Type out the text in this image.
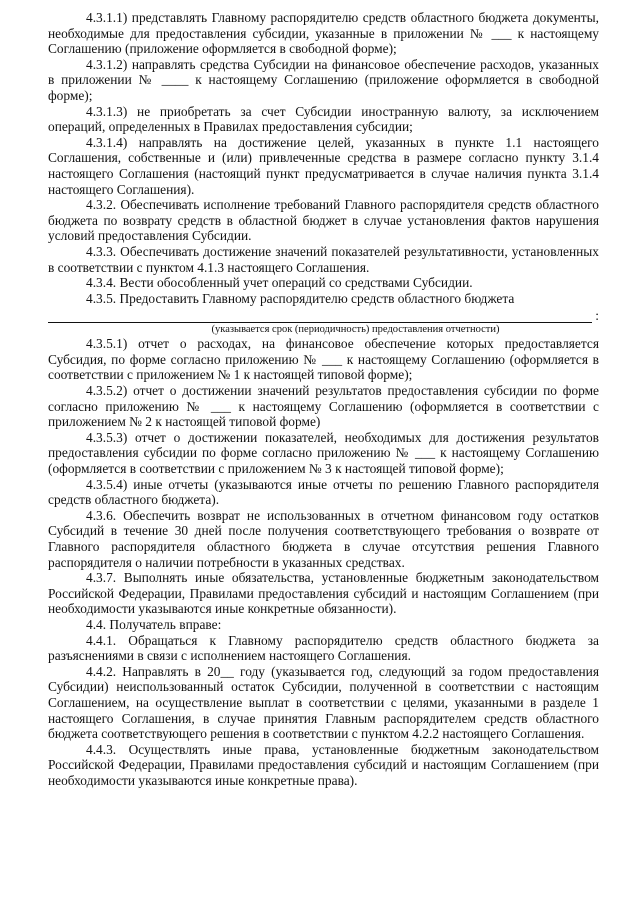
4.3.1.1) представлять Главному распорядителю средств областного бюджета документы, необходимые для предоставления субсидии, указанные в приложении № ___ к настоящему Соглашению (приложение оформляется в свободной форме);

4.3.1.2) направлять средства Субсидии на финансовое обеспечение расходов, указанных в приложении № ____ к настоящему Соглашению (приложение оформляется в свободной форме);

4.3.1.3) не приобретать за счет Субсидии иностранную валюту, за исключением операций, определенных в Правилах предоставления субсидии;

4.3.1.4) направлять на достижение целей, указанных в пункте 1.1 настоящего Соглашения, собственные и (или) привлеченные средства в размере согласно пункту 3.1.4 настоящего Соглашения (настоящий пункт предусматривается в случае наличия пункта 3.1.4 настоящего Соглашения).

4.3.2. Обеспечивать исполнение требований Главного распорядителя средств областного бюджета по возврату средств в областной бюджет в случае установления фактов нарушения условий предоставления Субсидии.

4.3.3. Обеспечивать достижение значений показателей результативности, установленных в соответствии с пунктом 4.1.3 настоящего Соглашения.

4.3.4. Вести обособленный учет операций со средствами Субсидии.

4.3.5. Предоставить Главному распорядителю средств областного бюджета

:

(указывается срок (периодичность) предоставления отчетности)

4.3.5.1) отчет о расходах, на финансовое обеспечение которых предоставляется Субсидия, по форме согласно приложению № ___ к настоящему Соглашению (оформляется в соответствии с приложением № 1 к настоящей типовой форме);

4.3.5.2) отчет о достижении значений результатов предоставления субсидии по форме согласно приложению № ___ к настоящему Соглашению (оформляется в соответствии с приложением № 2 к настоящей типовой форме)

4.3.5.3) отчет о достижении показателей, необходимых для достижения результатов предоставления субсидии по форме согласно приложению № ___ к настоящему Соглашению (оформляется в соответствии с приложением № 3 к настоящей типовой форме);

4.3.5.4) иные отчеты (указываются иные отчеты по решению Главного распорядителя средств областного бюджета).

4.3.6. Обеспечить возврат не использованных в отчетном финансовом году остатков Субсидий в течение 30 дней после получения соответствующего требования о возврате от Главного распорядителя областного бюджета в случае отсутствия решения Главного распорядителя о наличии потребности в указанных средствах.

4.3.7. Выполнять иные обязательства, установленные бюджетным законодательством Российской Федерации, Правилами предоставления субсидий и настоящим Соглашением (при необходимости указываются иные конкретные обязанности).

4.4. Получатель вправе:

4.4.1. Обращаться к Главному распорядителю средств областного бюджета за разъяснениями в связи с исполнением настоящего Соглашения.

4.4.2. Направлять в 20__ году (указывается год, следующий за годом предоставления Субсидии) неиспользованный остаток Субсидии, полученной в соответствии с настоящим Соглашением, на осуществление выплат в соответствии с целями, указанными в разделе 1 настоящего Соглашения, в случае принятия Главным распорядителем средств областного бюджета соответствующего решения в соответствии с пунктом 4.2.2 настоящего Соглашения.

4.4.3. Осуществлять иные права, установленные бюджетным законодательством Российской Федерации, Правилами предоставления субсидий и настоящим Соглашением (при необходимости указываются иные конкретные права).
